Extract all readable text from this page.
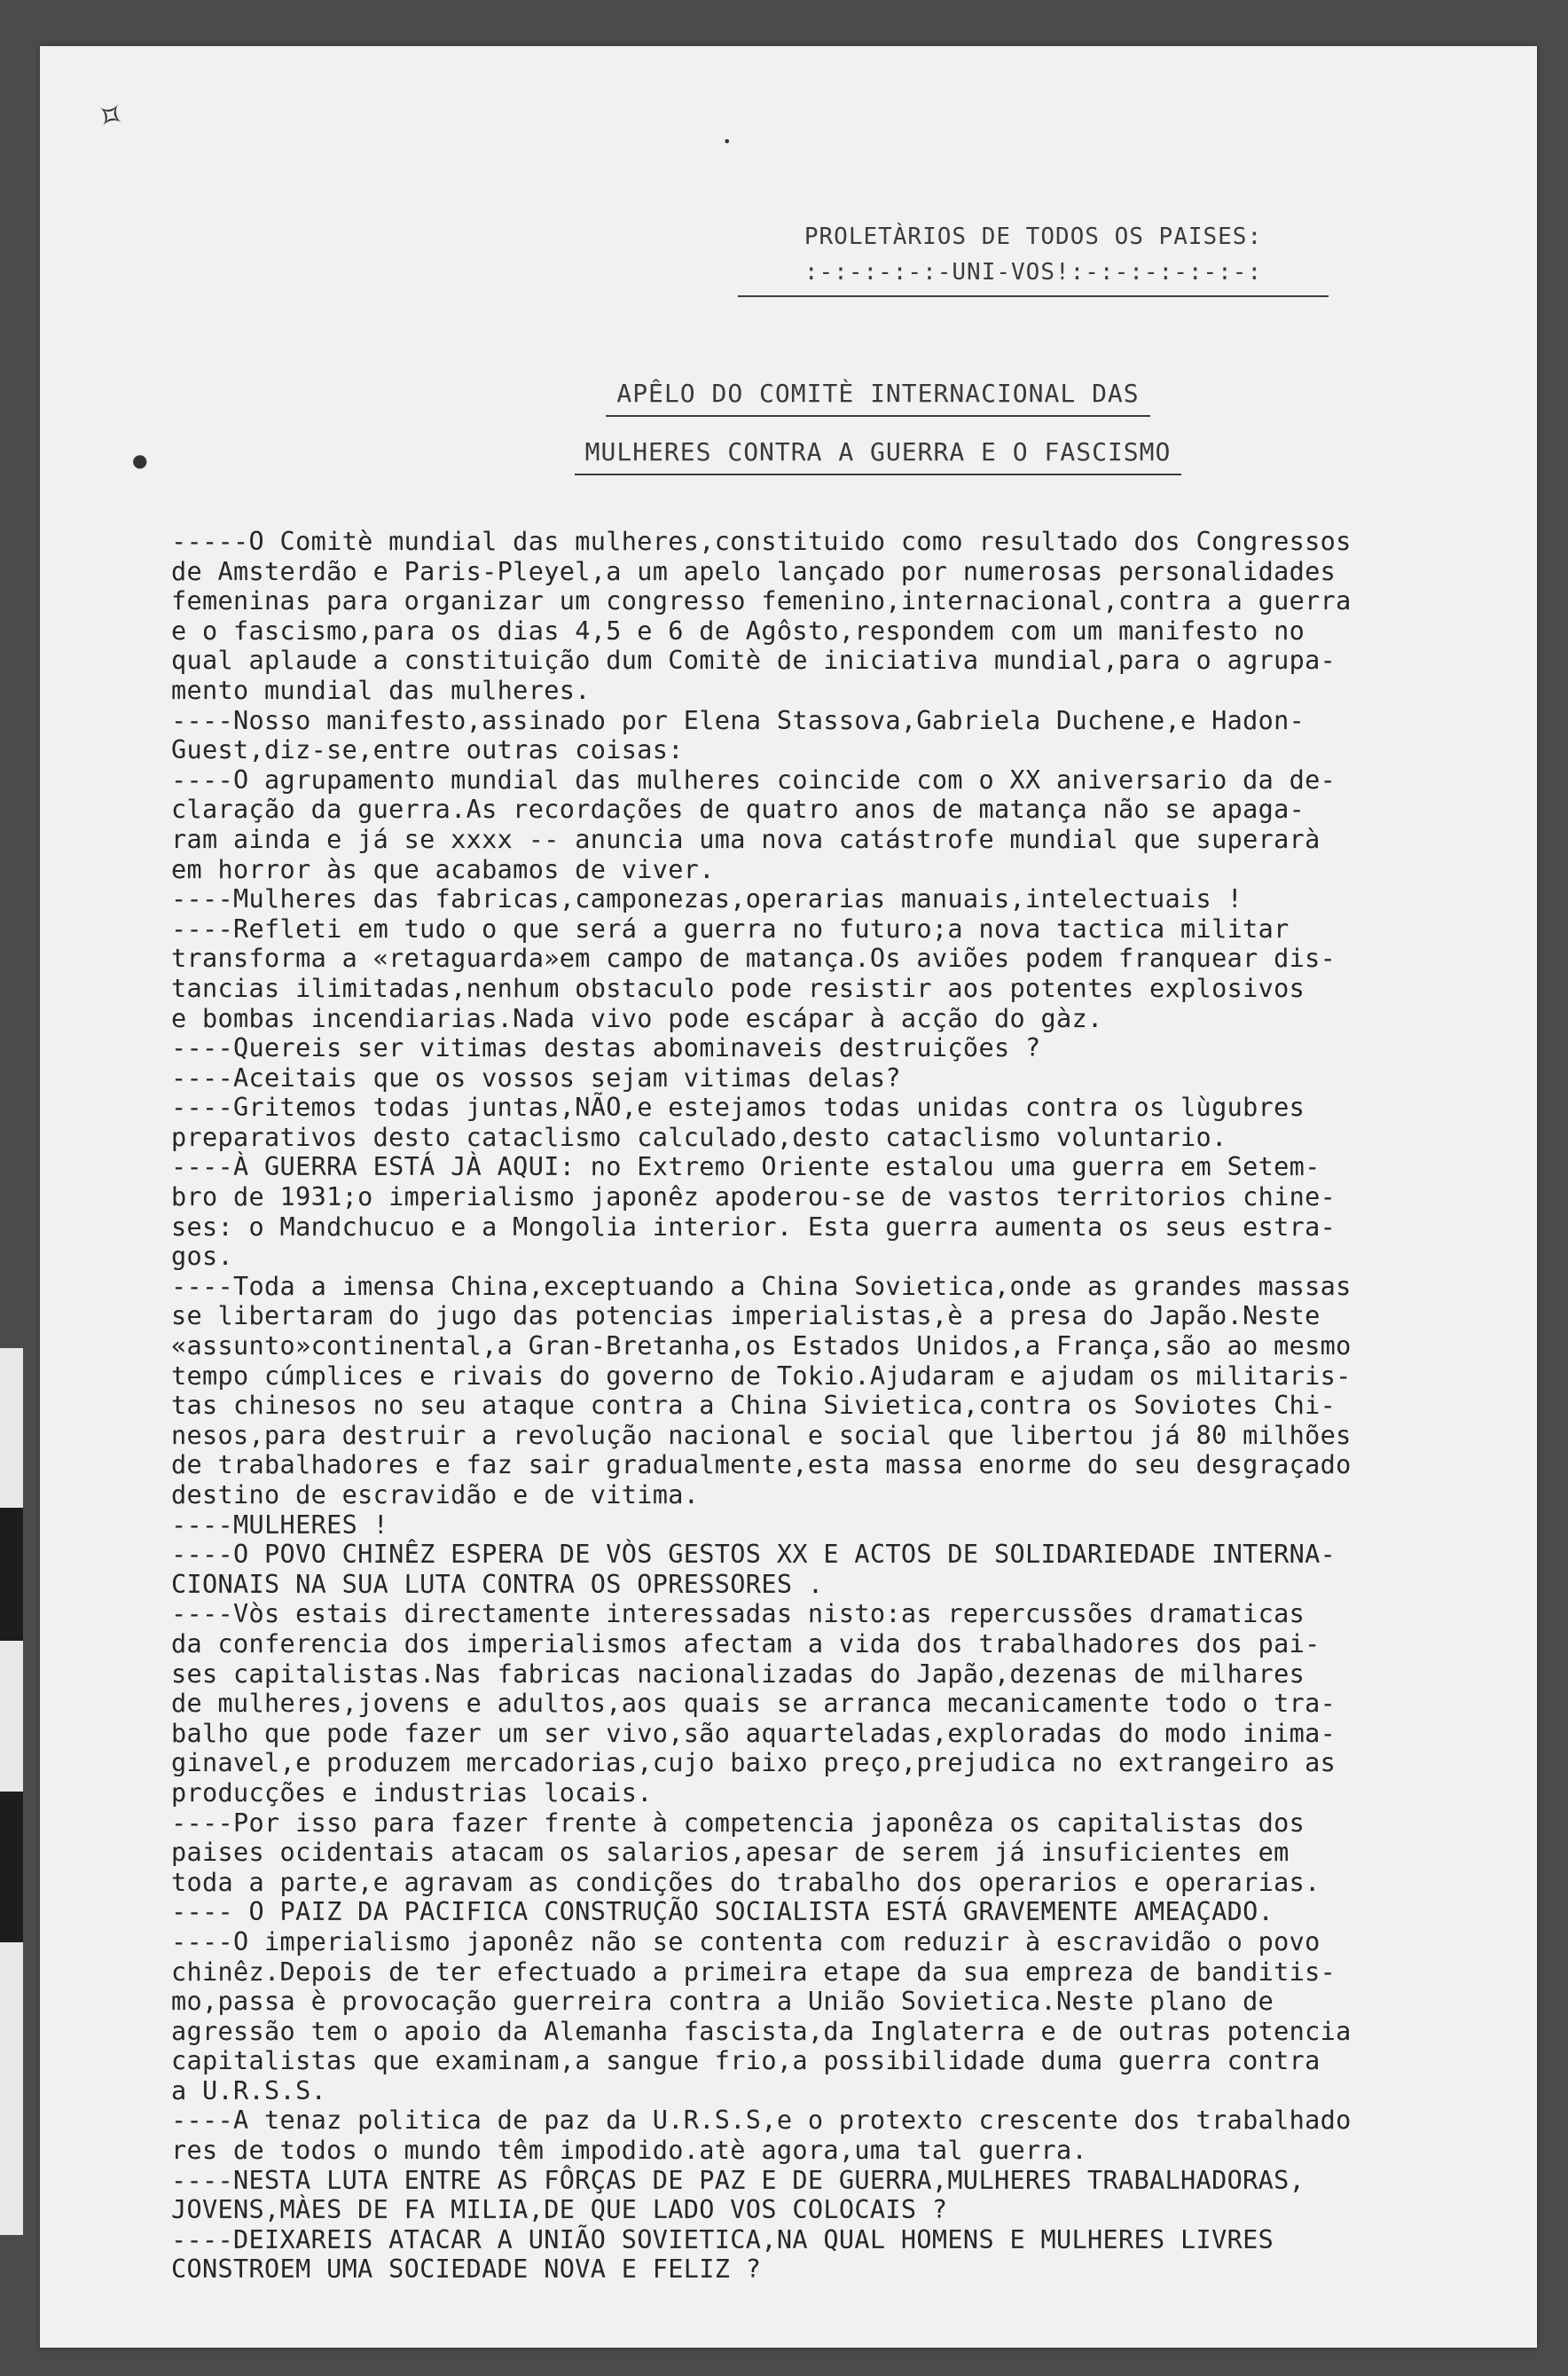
✧
•
●
PROLETÀRIOS DE TODOS OS PAISES:
:-:-:-:-:-UNI-VOS!:-:-:-:-:-:-:
APÊLO DO COMITÈ INTERNACIONAL DAS
MULHERES CONTRA A GUERRA E O FASCISMO
-----O Comitè mundial das mulheres,constituido como resultado dos Congressos
de Amsterdão e Paris-Pleyel,a um apelo lançado por numerosas personalidades
femeninas para organizar um congresso femenino,internacional,contra a guerra
e o fascismo,para os dias 4,5 e 6 de Agôsto,respondem com um manifesto no
qual aplaude a constituição dum Comitè de iniciativa mundial,para o agrupa-
mento mundial das mulheres.
----Nosso manifesto,assinado por Elena Stassova,Gabriela Duchene,e Hadon-
Guest,diz-se,entre outras coisas:
----O agrupamento mundial das mulheres coincide com o XX aniversario da de-
claração da guerra.As recordações de quatro anos de matança não se apaga-
ram ainda e já se xxxx -- anuncia uma nova catástrofe mundial que superarà
em horror às que acabamos de viver.
----Mulheres das fabricas,camponezas,operarias manuais,intelectuais !
----Refleti em tudo o que será a guerra no futuro;a nova tactica militar
transforma a «retaguarda»em campo de matança.Os aviões podem franquear dis-
tancias ilimitadas,nenhum obstaculo pode resistir aos potentes explosivos
e bombas incendiarias.Nada vivo pode escápar à acção do gàz.
----Quereis ser vitimas destas abominaveis destruições ?
----Aceitais que os vossos sejam vitimas delas?
----Gritemos todas juntas,NÃO,e estejamos todas unidas contra os lùgubres
preparativos desto cataclismo calculado,desto cataclismo voluntario.
----À GUERRA ESTÁ JÀ AQUI: no Extremo Oriente estalou uma guerra em Setem-
bro de 1931;o imperialismo japonêz apoderou-se de vastos territorios chine-
ses: o Mandchucuo e a Mongolia interior. Esta guerra aumenta os seus estra-
gos.
----Toda a imensa China,exceptuando a China Sovietica,onde as grandes massas
se libertaram do jugo das potencias imperialistas,è a presa do Japão.Neste
«assunto»continental,a Gran-Bretanha,os Estados Unidos,a França,são ao mesmo
tempo cúmplices e rivais do governo de Tokio.Ajudaram e ajudam os militaris-
tas chinesos no seu ataque contra a China Sivietica,contra os Soviotes Chi-
nesos,para destruir a revolução nacional e social que libertou já 80 milhões
de trabalhadores e faz sair gradualmente,esta massa enorme do seu desgraçado
destino de escravidão e de vitima.
----MULHERES !
----O POVO CHINÊZ ESPERA DE VÒS GESTOS XX E ACTOS DE SOLIDARIEDADE INTERNA-
CIONAIS NA SUA LUTA CONTRA OS OPRESSORES .
----Vòs estais directamente interessadas nisto:as repercussões dramaticas
da conferencia dos imperialismos afectam a vida dos trabalhadores dos pai-
ses capitalistas.Nas fabricas nacionalizadas do Japão,dezenas de milhares
de mulheres,jovens e adultos,aos quais se arranca mecanicamente todo o tra-
balho que pode fazer um ser vivo,são aquarteladas,exploradas do modo inima-
ginavel,e produzem mercadorias,cujo baixo preço,prejudica no extrangeiro as
producções e industrias locais.
----Por isso para fazer frente à competencia japonêza os capitalistas dos
paises ocidentais atacam os salarios,apesar de serem já insuficientes em
toda a parte,e agravam as condições do trabalho dos operarios e operarias.
---- O PAIZ DA PACIFICA CONSTRUÇÃO SOCIALISTA ESTÁ GRAVEMENTE AMEAÇADO.
----O imperialismo japonêz não se contenta com reduzir à escravidão o povo
chinêz.Depois de ter efectuado a primeira etape da sua empreza de banditis-
mo,passa è provocação guerreira contra a União Sovietica.Neste plano de
agressão tem o apoio da Alemanha fascista,da Inglaterra e de outras potencia
capitalistas que examinam,a sangue frio,a possibilidade duma guerra contra
a U.R.S.S.
----A tenaz politica de paz da U.R.S.S,e o protexto crescente dos trabalhado
res de todos o mundo têm impodido.atè agora,uma tal guerra.
----NESTA LUTA ENTRE AS FÔRÇAS DE PAZ E DE GUERRA,MULHERES TRABALHADORAS,
JOVENS,MÀES DE FA MILIA,DE QUE LADO VOS COLOCAIS ?
----DEIXAREIS ATACAR A UNIÃO SOVIETICA,NA QUAL HOMENS E MULHERES LIVRES
CONSTROEM UMA SOCIEDADE NOVA E FELIZ ?
